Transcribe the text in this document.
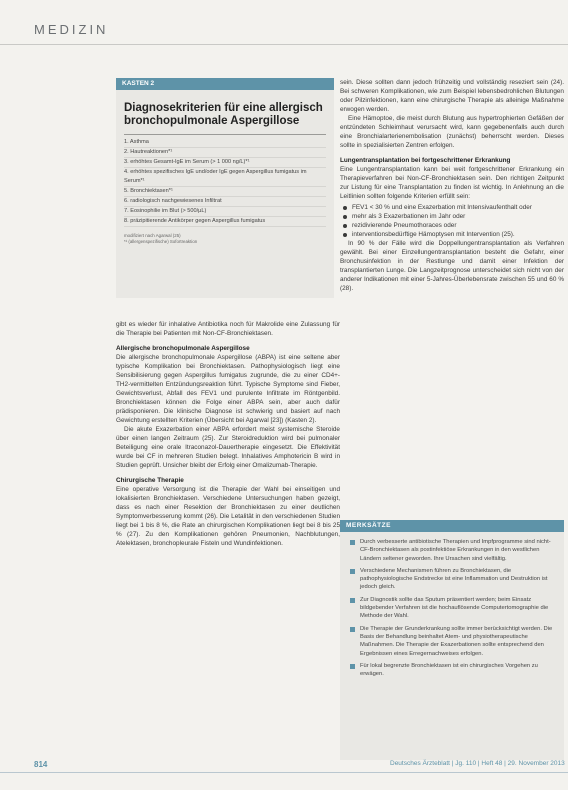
MEDIZIN
KASTEN 2
Diagnosekriterien für eine allergisch bronchopulmonale Aspergillose
1. Asthma
2. Hautreaktionen*¹
3. erhöhtes Gesamt-IgE im Serum (> 1 000 ng/L)*¹
4. erhöhtes spezifisches IgE und/oder IgE gegen Aspergillus fumigatus im Serum*¹
5. Bronchiektasen*¹
6. radiologisch nachgewiesenes Infiltrat
7. Eosinophilie im Blut (> 500/µL)
8. präzipitierende Antikörper gegen Aspergillus fumigatus
modifiziert nach Agarwal (25)
*¹ (allergenspezifische) Sofortreaktion

gibt es wieder für inhalative Antibiotika noch für Makrolide eine Zulassung für die Therapie bei Patienten mit Non-CF-Bronchiektasen.

Allergische bronchopulmonale Aspergillose

Die allergische bronchopulmonale Aspergillose (ABPA) ist eine seltene aber typische Komplikation bei Bronchiektasen. Pathophysiologisch liegt eine Sensibilisierung gegen Aspergillus fumigatus zugrunde, die zu einer CD4+-TH2-vermittelten Entzündungsreaktion führt. Typische Symptome sind Fieber, Gewichtsverlust, Abfall des FEV1 und purulente Infiltrate im Röntgenbild. Bronchiektasen können die Folge einer ABPA sein, aber auch dafür prädisponieren. Die klinische Diagnose ist schwierig und basiert auf nach Gewichtung erstellten Kriterien (Übersicht bei Agarwal [23]) (Kasten 2).

Die akute Exazerbation einer ABPA erfordert meist systemische Steroide über einen langen Zeitraum (25). Zur Steroidreduktion wird bei pulmonaler Beteiligung eine orale Itraconazol-Dauertherapie eingesetzt. Die Effektivität wurde bei CF in mehreren Studien belegt. Inhalatives Amphotericin B wird in Studien geprüft. Unsicher bleibt der Erfolg einer Omalizumab-Therapie.

Chirurgische Therapie

Eine operative Versorgung ist die Therapie der Wahl bei einseitigen und lokalisierten Bronchiektasen. Verschiedene Untersuchungen haben gezeigt, dass es nach einer Resektion der Bronchiektasen zu einer deutlichen Symptomverbesserung kommt (26). Die Letalität in den verschiedenen Studien liegt bei 1 bis 8 %, die Rate an chirurgischen Komplikationen liegt bei 8 bis 25 % (27). Zu den Komplikationen gehören Pneumonien, Nachblutungen, Atelektasen, bronchopleurale Fisteln und Wundinfektionen.

sein. Diese sollten dann jedoch frühzeitig und vollständig reseziert sein (24). Bei schweren Komplikationen, wie zum Beispiel lebensbedrohlichen Blutungen oder Pilzinfektionen, kann eine chirurgische Therapie als alleinige Maßnahme erwogen werden.

Eine Hämoptoe, die meist durch Blutung aus hypertrophierten Gefäßen der entzündeten Schleimhaut verursacht wird, kann gegebenenfalls auch durch eine Bronchialarterienembolisation (zunächst) beherrscht werden. Dieses sollte in spezialisierten Zentren erfolgen.

Lungentransplantation bei fortgeschrittener Erkrankung

Eine Lungentransplantation kann bei weit fortgeschrittener Erkrankung ein Therapieverfahren bei Non-CF-Bronchiektasen sein. Den richtigen Zeitpunkt zur Listung für eine Transplantation zu finden ist wichtig. In Anlehnung an die Leitlinien sollten folgende Kriterien erfüllt sein:

FEV1 < 30 % und eine Exazerbation mit Intensivaufenthalt oder
mehr als 3 Exazerbationen im Jahr oder
rezidivierende Pneumothoraces oder
interventionsbedürftige Hämoptysen mit Intervention (25).

In 90 % der Fälle wird die Doppellungentransplantation als Verfahren gewählt. Bei einer Einzellungentransplantation besteht die Gefahr, einer Bronchusinfektion in der Restlunge und damit einer Infektion der transplantierten Lunge. Die Langzeitprognose unterscheidet sich nicht von der anderer Indikationen mit einer 5-Jahres-Überlebensrate zwischen 55 und 60 % (28).

MERKSÄTZE
Durch verbesserte antibiotische Therapien und Impfprogramme sind nicht-CF-Bronchiektasen als postinfektiöse Erkrankungen in den westlichen Ländern seltener geworden. Ihre Ursachen sind vielfältig.
Verschiedene Mechanismen führen zu Bronchiektasen, die pathophysiologische Endstrecke ist eine Inflammation und Destruktion ist jedoch gleich.
Zur Diagnostik sollte das Sputum präsentiert werden; beim Einsatz bildgebender Verfahren ist die hochauflösende Computertomographie die Methode der Wahl.
Die Therapie der Grunderkrankung sollte immer berücksichtigt werden. Die Basis der Behandlung beinhaltet Atem- und physiotherapeutische Maßnahmen. Die Therapie der Exazerbationen sollte entsprechend den Ergebnissen eines Erregernachweises erfolgen.
Für lokal begrenzte Bronchiektasen ist ein chirurgisches Vorgehen zu erwägen.
814	Deutsches Ärzteblatt | Jg. 110 | Heft 48 | 29. November 2013
